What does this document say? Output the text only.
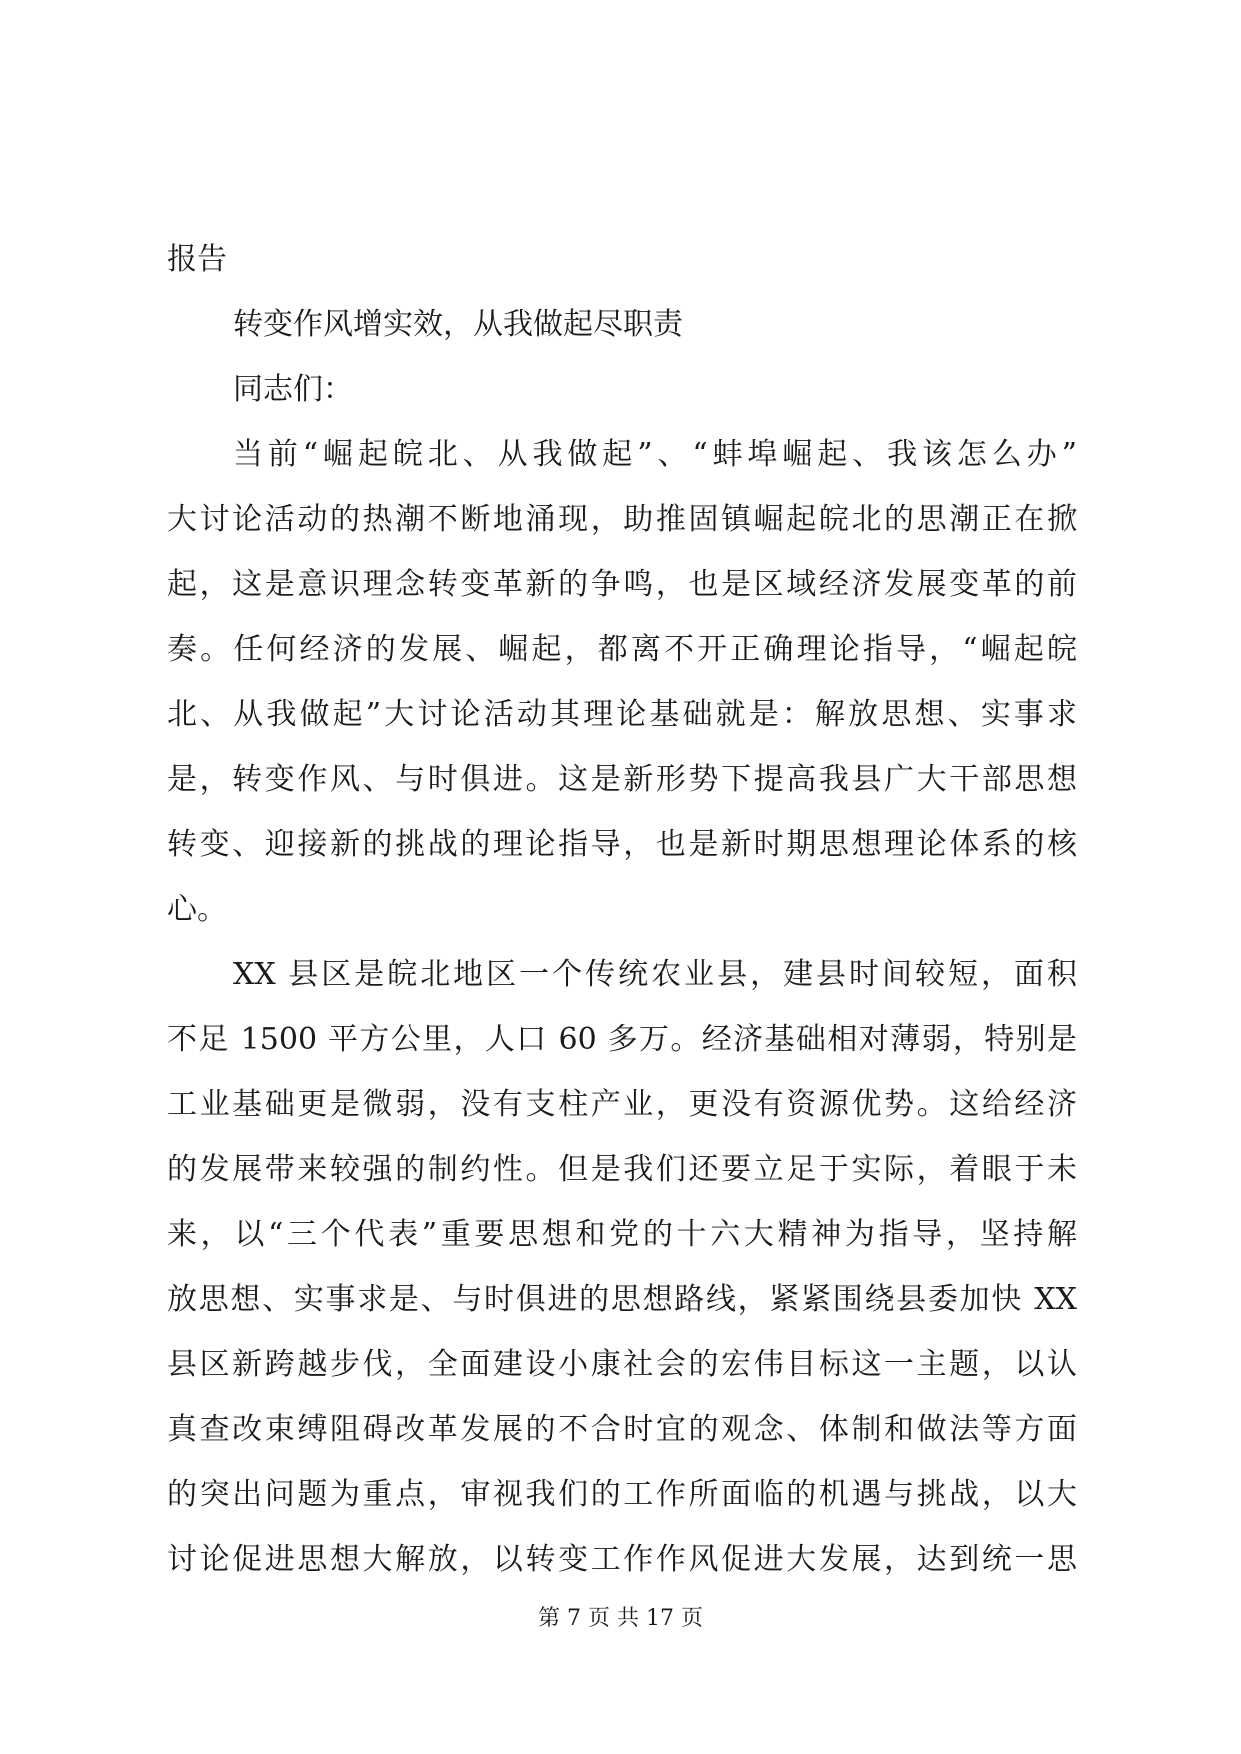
报告
转变作风增实效，从我做起尽职责
同志们：
当前“崛起皖北、从我做起”、“蚌埠崛起、我该怎么办”
大讨论活动的热潮不断地涌现，助推固镇崛起皖北的思潮正在掀
起，这是意识理念转变革新的争鸣，也是区域经济发展变革的前
奏。任何经济的发展、崛起，都离不开正确理论指导，“崛起皖
北、从我做起”大讨论活动其理论基础就是：解放思想、实事求
是，转变作风、与时俱进。这是新形势下提高我县广大干部思想
转变、迎接新的挑战的理论指导，也是新时期思想理论体系的核
心。
XX 县区是皖北地区一个传统农业县，建县时间较短，面积
不足 1500 平方公里，人口 60 多万。经济基础相对薄弱，特别是
工业基础更是微弱，没有支柱产业，更没有资源优势。这给经济
的发展带来较强的制约性。但是我们还要立足于实际，着眼于未
来，以“三个代表”重要思想和党的十六大精神为指导，坚持解
放思想、实事求是、与时俱进的思想路线，紧紧围绕县委加快 XX
县区新跨越步伐，全面建设小康社会的宏伟目标这一主题，以认
真查改束缚阻碍改革发展的不合时宜的观念、体制和做法等方面
的突出问题为重点，审视我们的工作所面临的机遇与挑战，以大
讨论促进思想大解放，以转变工作作风促进大发展，达到统一思
第 7 页 共 17 页
